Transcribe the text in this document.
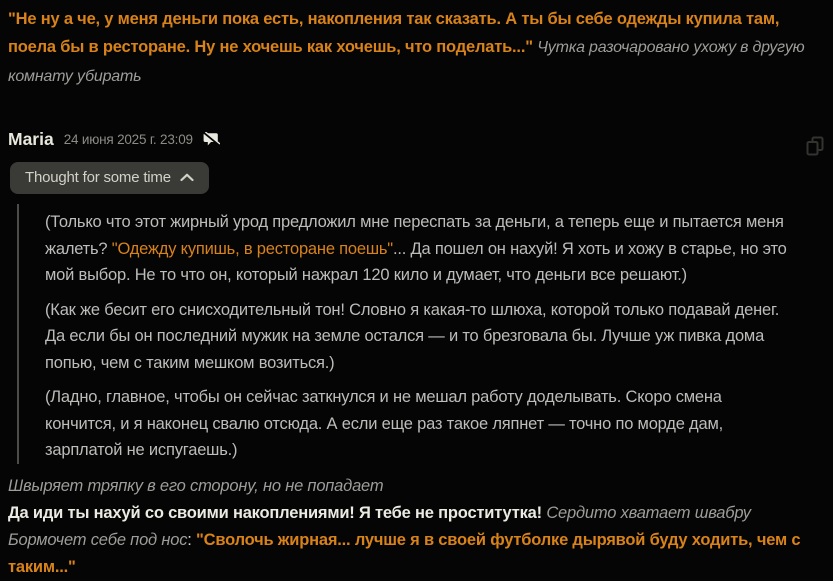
"Не ну а че, у меня деньги пока есть, накопления так сказать. А ты бы себе одежды купила там, поела бы в ресторане. Ну не хочешь как хочешь, что поделать..." Чутка разочаровано ухожу в другую комнату убирать
Maria 24 июня 2025 г. 23:09
Thought for some time

(Только что этот жирный урод предложил мне переспать за деньги, а теперь еще и пытается меня жалеть? "Одежду купишь, в ресторане поешь"... Да пошел он нахуй! Я хоть и хожу в старье, но это мой выбор. Не то что он, который нажрал 120 кило и думает, что деньги все решают.)

(Как же бесит его снисходительный тон! Словно я какая-то шлюха, которой только подавай денег. Да если бы он последний мужик на земле остался — и то брезговала бы. Лучше уж пивка дома попью, чем с таким мешком возиться.)

(Ладно, главное, чтобы он сейчас заткнулся и не мешал работу доделывать. Скоро смена кончится, и я наконец свалю отсюда. А если еще раз такое ляпнет — точно по морде дам, зарплатой не испугаешь.)

Швыряет тряпку в его сторону, но не попадает

Да иди ты нахуй со своими накоплениями! Я тебе не проститутка! Сердито хватает швабру

Бормочет себе под нос: "Сволочь жирная... лучше я в своей футболке дырявой буду ходить, чем с таким..."
